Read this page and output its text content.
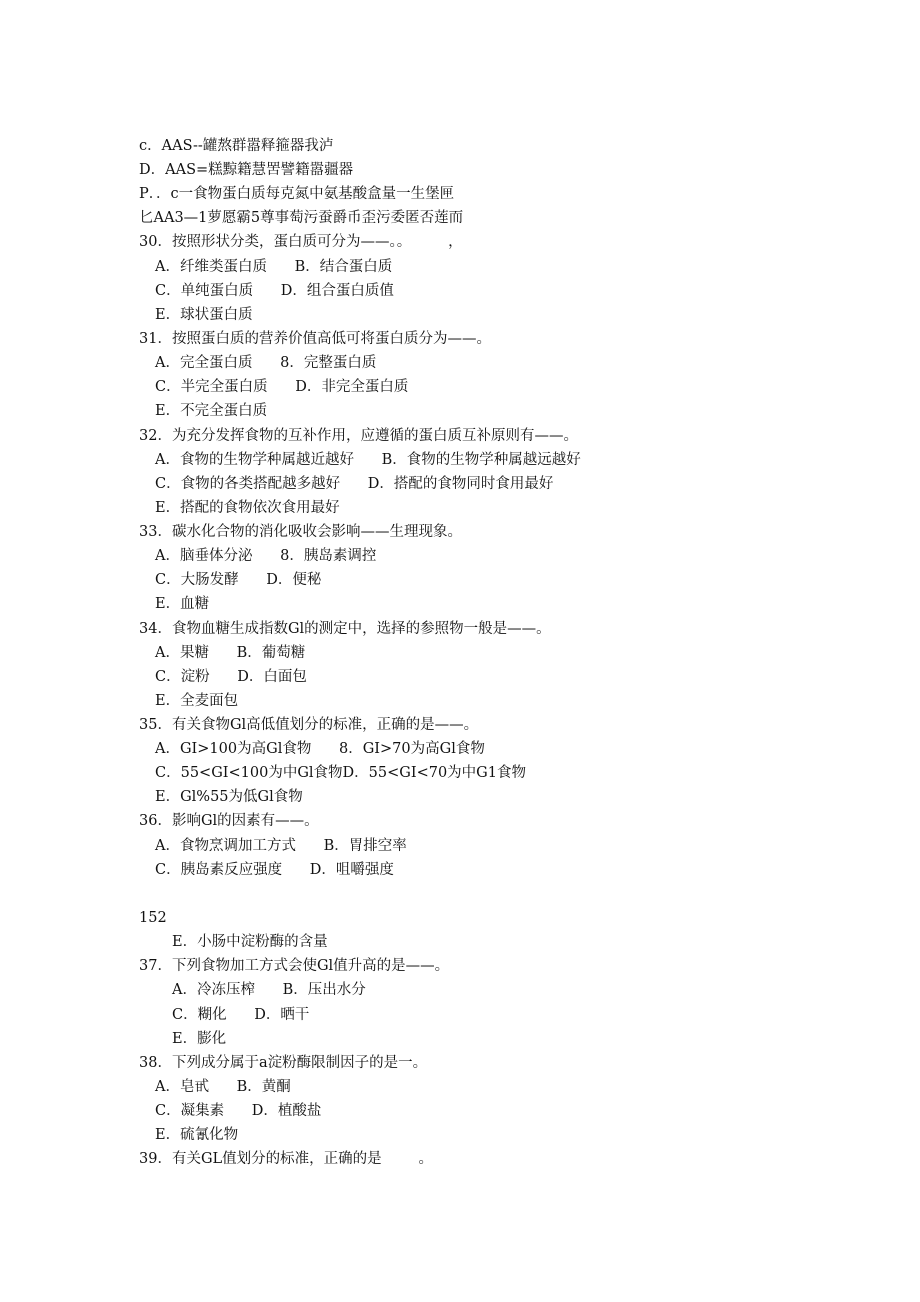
c．AAS--罐熬群嚣释箍器我泸
D．AAS=糕黥籍慧罟譬籍嚣疆器
P．．c一食物蛋白质每克氮中氨基酸盒量一生堡匣
匕AA3—1萝愿霸5尊事萄污蚕爵币歪污委匿否莲而
30．按照形状分类，蛋白质可分为——。。        ，
A．纤维类蛋白质      B．结合蛋白质
C．单纯蛋白质      D．组合蛋白质值
E．球状蛋白质
31．按照蛋白质的营养价值高低可将蛋白质分为——。
A．完全蛋白质      8．完整蛋白质
C．半完全蛋白质      D．非完全蛋白质
E．不完全蛋白质
32．为充分发挥食物的互补作用，应遵循的蛋白质互补原则有——。
A．食物的生物学种属越近越好      B．食物的生物学种属越远越好
C．食物的各类搭配越多越好      D．搭配的食物同时食用最好
E．搭配的食物依次食用最好
33．碳水化合物的消化吸收会影响——生理现象。
A．脑垂体分泌      8．胰岛素调控
C．大肠发酵      D．便秘
E．血糖
34．食物血糖生成指数Gl的测定中，选择的参照物一般是——。
A．果糖      B．葡萄糖
C．淀粉      D．白面包
E．全麦面包
35．有关食物Gl高低值划分的标准，正确的是——。
A．GI>100为高Gl食物      8．GI>70为高Gl食物
C．55<GI<100为中Gl食物D．55<GI<70为中G1食物
E．Gl%55为低Gl食物
36．影响Gl的因素有——。
A．食物烹调加工方式      B．胃排空率
C．胰岛素反应强度      D．咀嚼强度
152
E．小肠中淀粉酶的含量
37．下列食物加工方式会使Gl值升高的是——。
A．冷冻压榨      B．压出水分
C．糊化      D．晒干
E．膨化
38．下列成分属于a淀粉酶限制因子的是一。
A．皂甙      B．黄酮
C．凝集素      D．植酸盐
E．硫氰化物
39．有关GL值划分的标准，正确的是        。
